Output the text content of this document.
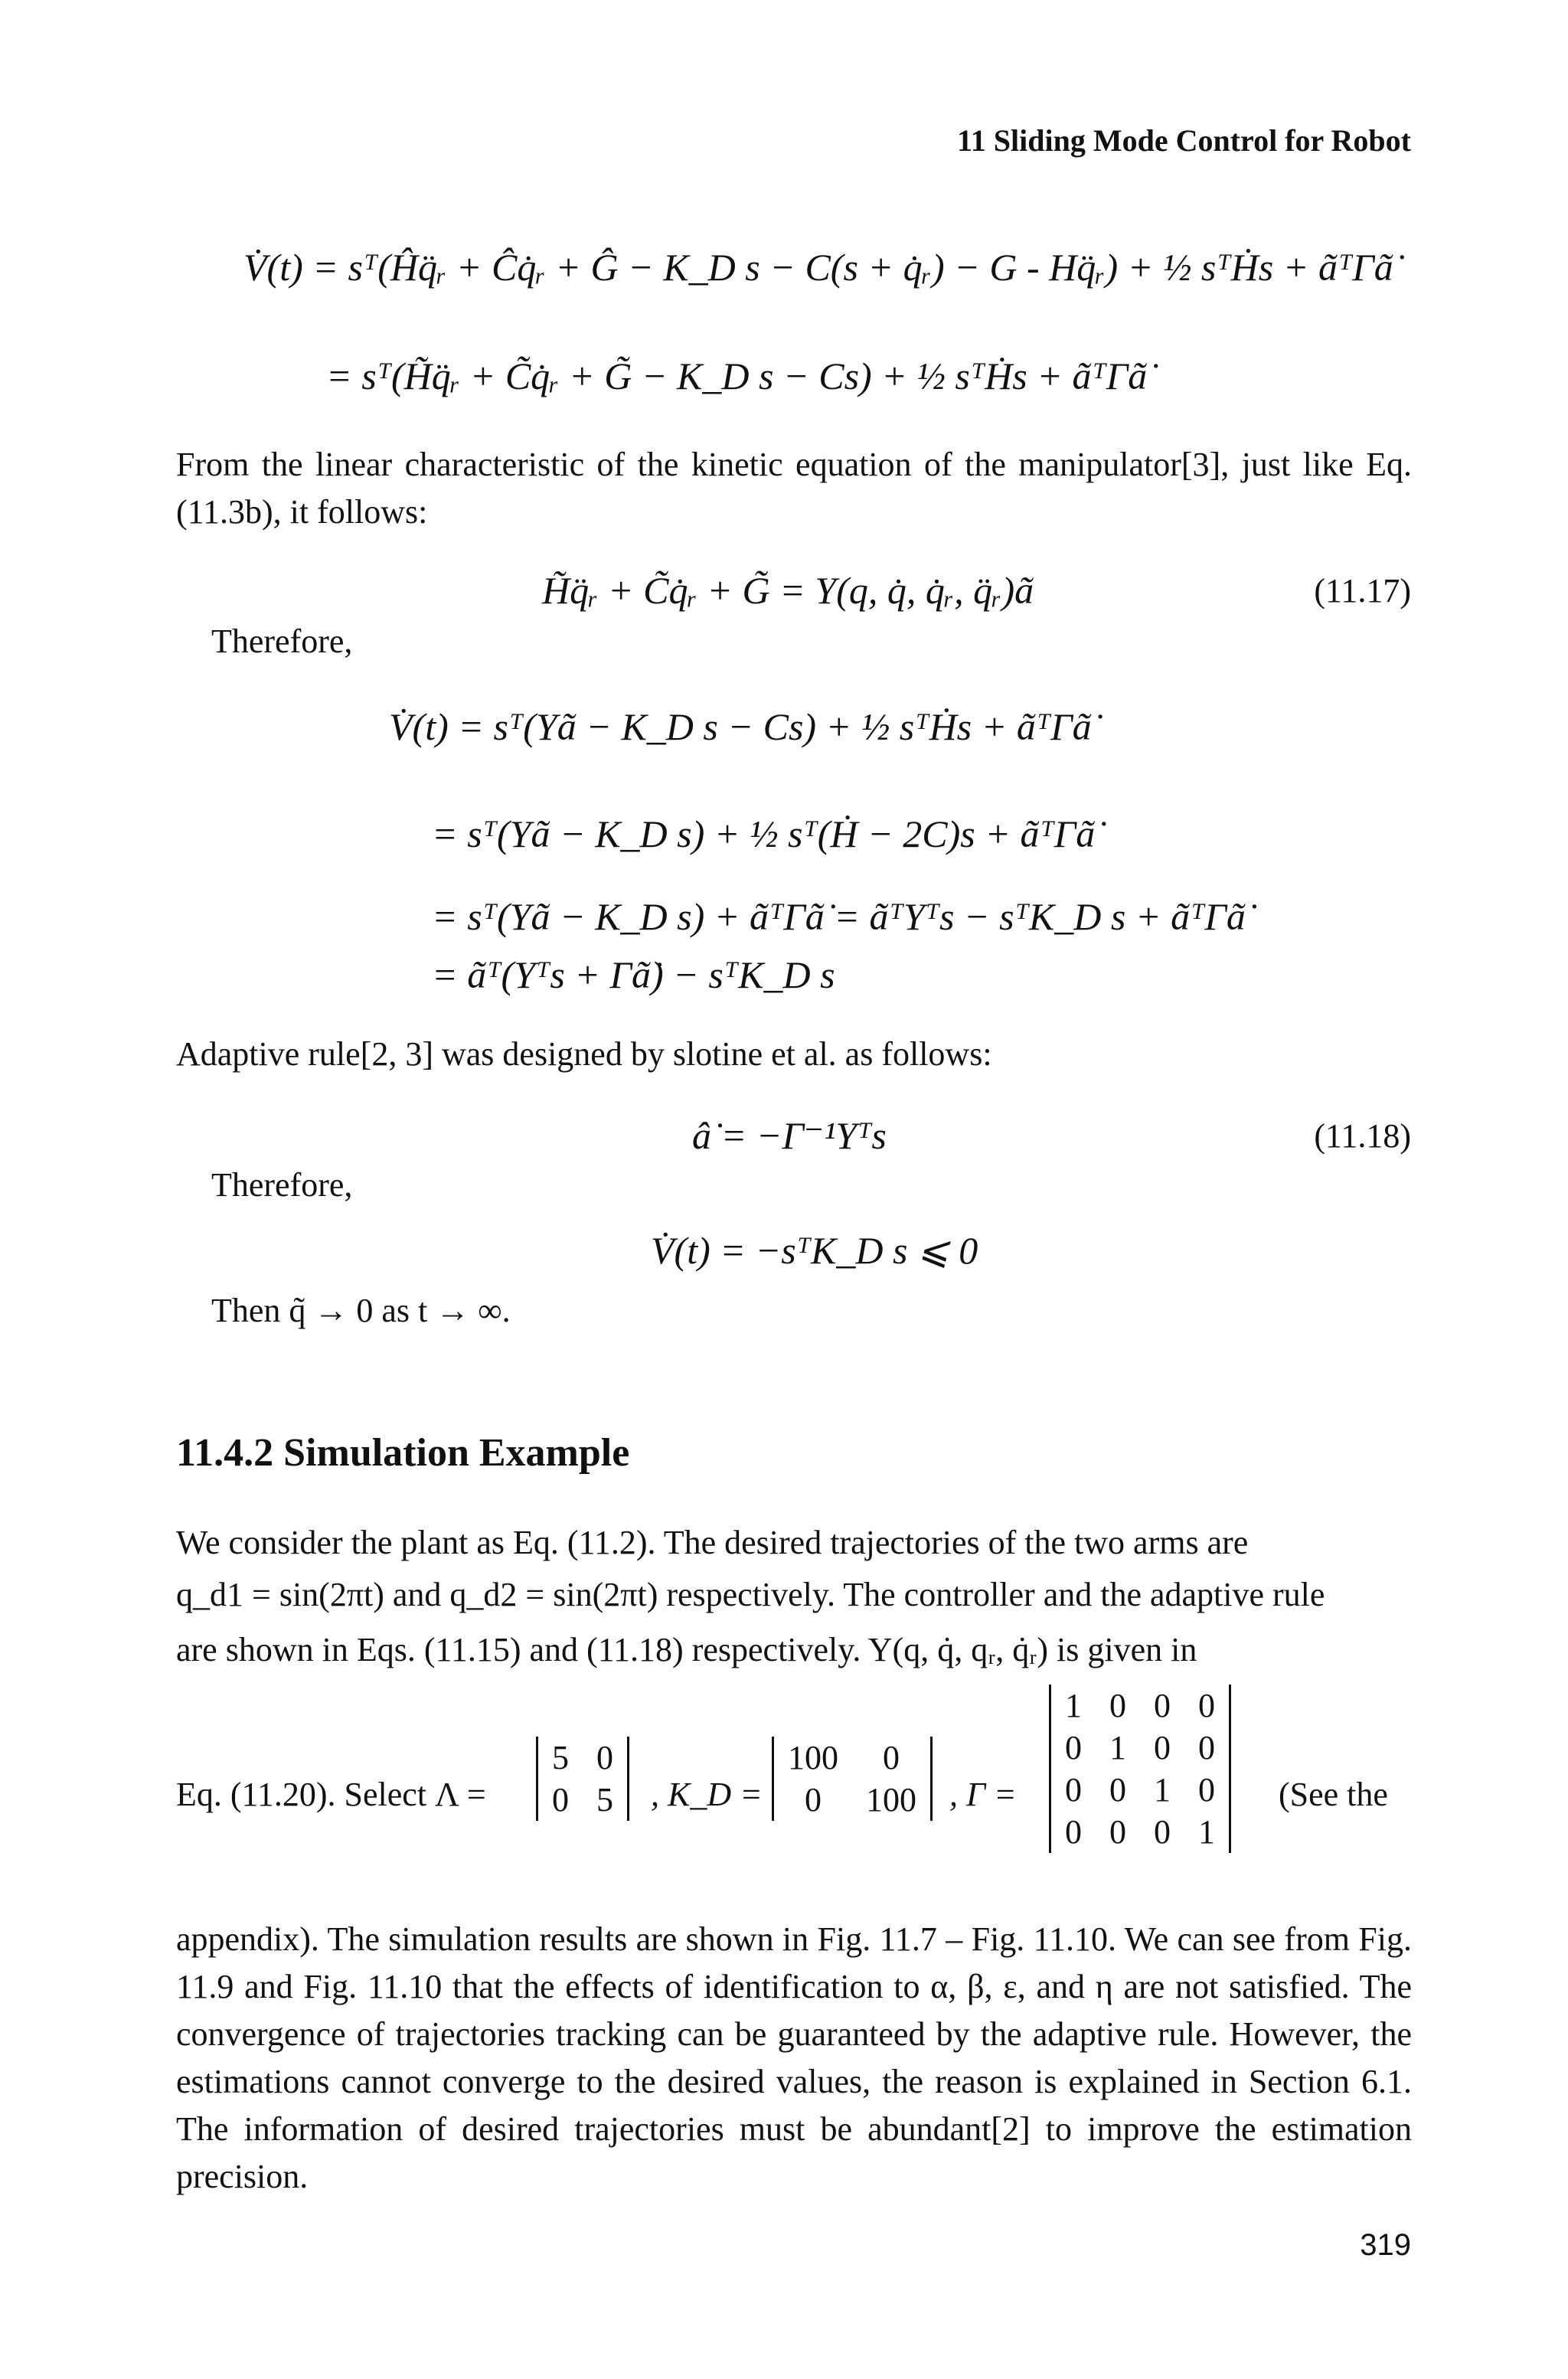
11 Sliding Mode Control for Robot
V̇(t) = sᵀ(Ĥq̈ᵣ + Ĉq̇ᵣ + Ĝ − K_D s − C(s + q̇ᵣ) − G - Hq̈ᵣ) + ½ sᵀḢs + ãᵀΓã̇
= sᵀ(H̃q̈ᵣ + C̃q̇ᵣ + G̃ − K_D s − Cs) + ½ sᵀḢs + ãᵀΓã̇
From the linear characteristic of the kinetic equation of the manipulator[3], just like Eq. (11.3b), it follows:
H̃q̈ᵣ + C̃q̇ᵣ + G̃ = Y(q, q̇, q̇ᵣ, q̈ᵣ)ã	(11.17)
Therefore,
V̇(t) = sᵀ(Yã − K_D s − Cs) + ½ sᵀḢs + ãᵀΓã̇
= sᵀ(Yã − K_D s) + ½ sᵀ(Ḣ − 2C)s + ãᵀΓã̇
= sᵀ(Yã − K_D s) + ãᵀΓã̇ = ãᵀYᵀs − sᵀK_D s + ãᵀΓã̇
= ãᵀ(Yᵀs + Γã̇) − sᵀK_D s
Adaptive rule[2, 3] was designed by slotine et al. as follows:
â̇ = −Γ⁻¹Yᵀs	(11.18)
Therefore,
V̇(t) = −sᵀK_D s ⩽ 0
Then q̃ → 0 as t → ∞.
11.4.2 Simulation Example
We consider the plant as Eq. (11.2). The desired trajectories of the two arms are
q_d1 = sin(2πt) and q_d2 = sin(2πt) respectively. The controller and the adaptive rule
are shown in Eqs. (11.15) and (11.18) respectively. Y(q, q̇, qᵣ, q̇ᵣ) is given in
Eq. (11.20). Select Λ =
5	0
0	5 , K_D =
100	0
0	100 , Γ =
1	0	0	0
0	1	0	0
0	0	1	0
0	0	0	1
(See the
appendix). The simulation results are shown in Fig. 11.7 – Fig. 11.10. We can see from Fig. 11.9 and Fig. 11.10 that the effects of identification to α, β, ε, and η are not satisfied. The convergence of trajectories tracking can be guaranteed by the adaptive rule. However, the estimations cannot converge to the desired values, the reason is explained in Section 6.1. The information of desired trajectories must be abundant[2] to improve the estimation precision.
319
